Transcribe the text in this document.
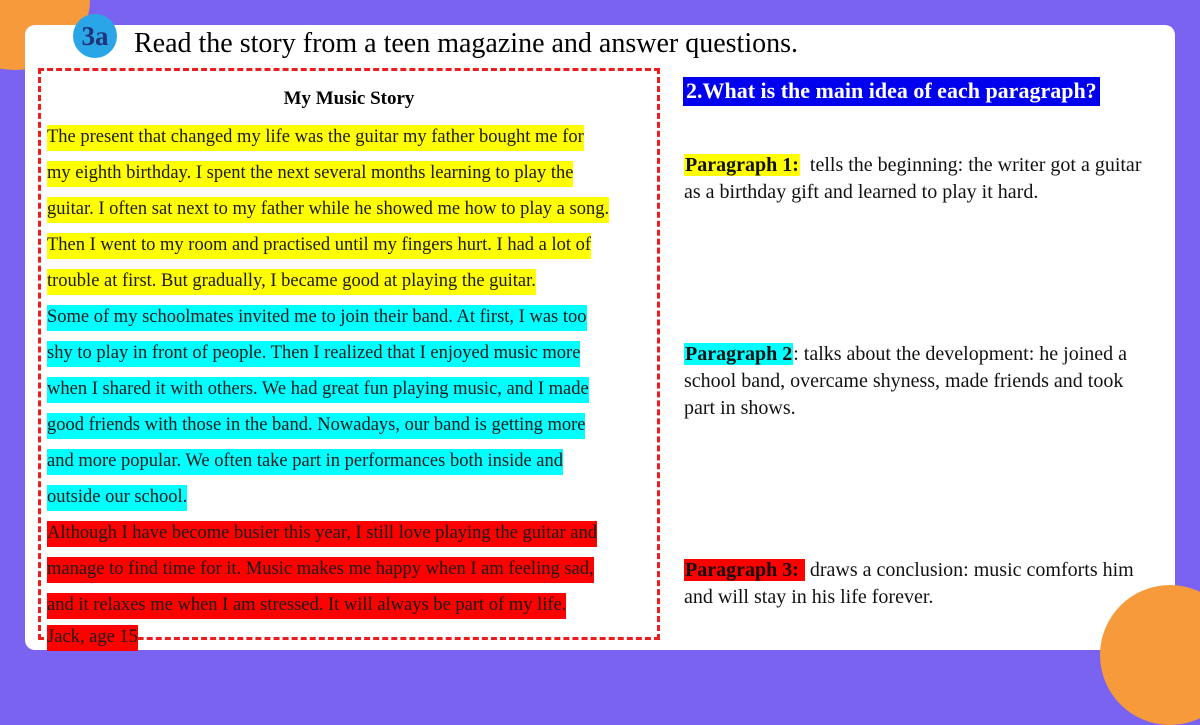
3a Read the story from a teen magazine and answer questions.
My Music Story
The present that changed my life was the guitar my father bought me for
my eighth birthday. I spent the next several months learning to play the
guitar. I often sat next to my father while he showed me how to play a song.
Then I went to my room and practised until my fingers hurt. I had a lot of
trouble at first. But gradually, I became good at playing the guitar.
Some of my schoolmates invited me to join their band. At first, I was too
shy to play in front of people. Then I realized that I enjoyed music more
when I shared it with others. We had great fun playing music, and I made
good friends with those in the band. Nowadays, our band is getting more
and more popular. We often take part in performances both inside and
outside our school.
Although I have become busier this year, I still love playing the guitar and
manage to find time for it. Music makes me happy when I am feeling sad,
and it relaxes me when I am stressed. It will always be part of my life.
Jack, age 15
2.What is the main idea of each paragraph?
Paragraph 1:  tells the beginning: the writer got a guitar as a birthday gift and learned to play it hard.
Paragraph 2: talks about the development: he joined a school band, overcame shyness, made friends and took part in shows.
Paragraph 3:  draws a conclusion: music comforts him and will stay in his life forever.
